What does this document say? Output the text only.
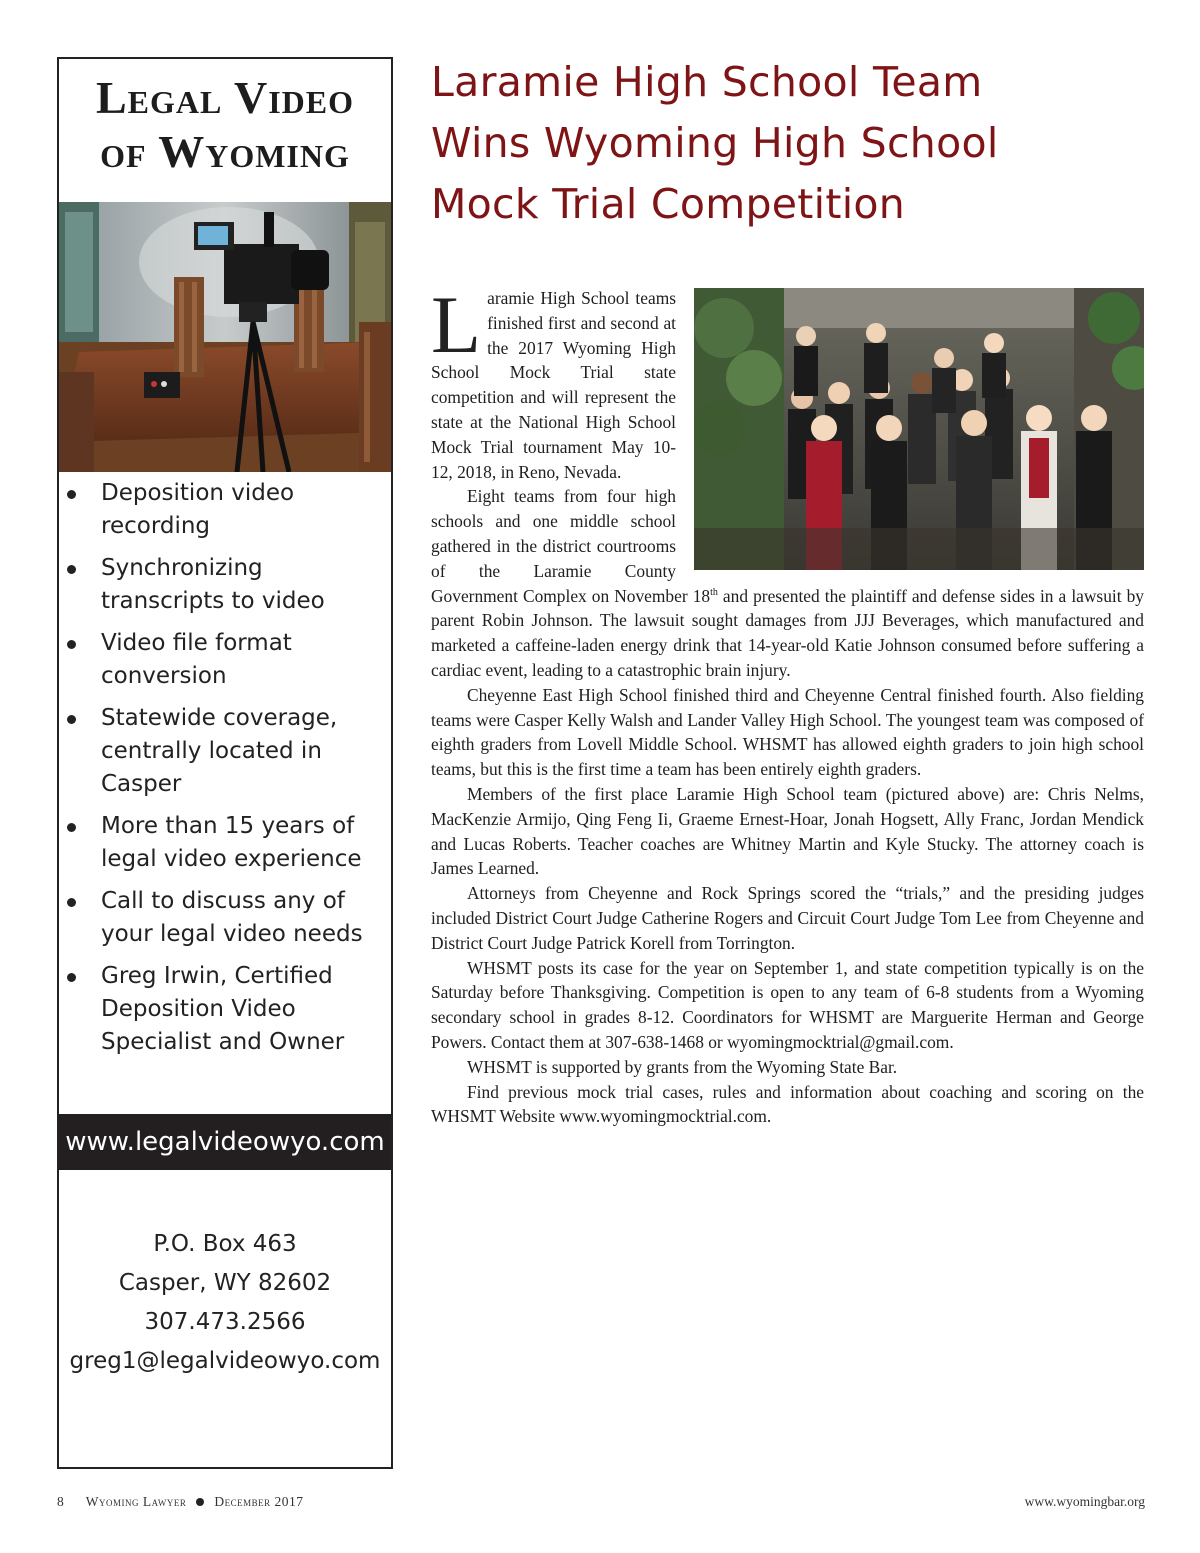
Legal Video
of Wyoming
Deposition video recording
Synchronizing transcripts to video
Video file format conversion
Statewide coverage, centrally located in Casper
More than 15 years of legal video experience
Call to discuss any of your legal video needs
Greg Irwin, Certified Deposition Video Specialist and Owner
www.legalvideowyo.com
P.O. Box 463
Casper, WY 82602
307.473.2566
greg1@legalvideowyo.com
Laramie High School Team
Wins Wyoming High School
Mock Trial Competition

Laramie High School teams finished first and second at the 2017 Wyoming High School Mock Trial state competition and will represent the state at the National High School Mock Trial tournament May 10-12, 2018, in Reno, Nevada.

Eight teams from four high schools and one middle school gathered in the district courtrooms of the Laramie County Government Complex on November 18th and presented the plaintiff and defense sides in a lawsuit by parent Robin Johnson. The lawsuit sought damages from JJJ Beverages, which manufactured and marketed a caffeine-laden energy drink that 14-year-old Katie Johnson consumed before suffering a cardiac event, leading to a catastrophic brain injury.

Cheyenne East High School finished third and Cheyenne Central finished fourth. Also fielding teams were Casper Kelly Walsh and Lander Valley High School. The youngest team was composed of eighth graders from Lovell Middle School. WHSMT has allowed eighth graders to join high school teams, but this is the first time a team has been entirely eighth graders.

Members of the first place Laramie High School team (pictured above) are: Chris Nelms, MacKenzie Armijo, Qing Feng Ii, Graeme Ernest-Hoar, Jonah Hogsett, Ally Franc, Jordan Mendick and Lucas Roberts. Teacher coaches are Whitney Martin and Kyle Stucky. The attorney coach is James Learned.

Attorneys from Cheyenne and Rock Springs scored the “trials,” and the presiding judges included District Court Judge Catherine Rogers and Circuit Court Judge Tom Lee from Cheyenne and District Court Judge Patrick Korell from Torrington.

WHSMT posts its case for the year on September 1, and state competition typically is on the Saturday before Thanksgiving. Competition is open to any team of 6-8 students from a Wyoming secondary school in grades 8-12. Coordinators for WHSMT are Marguerite Herman and George Powers. Contact them at 307-638-1468 or wyomingmocktrial@gmail.com.

WHSMT is supported by grants from the Wyoming State Bar.

Find previous mock trial cases, rules and information about coaching and scoring on the WHSMT Website www.wyomingmocktrial.com.

8 Wyoming Lawyer December 2017	www.wyomingbar.org
